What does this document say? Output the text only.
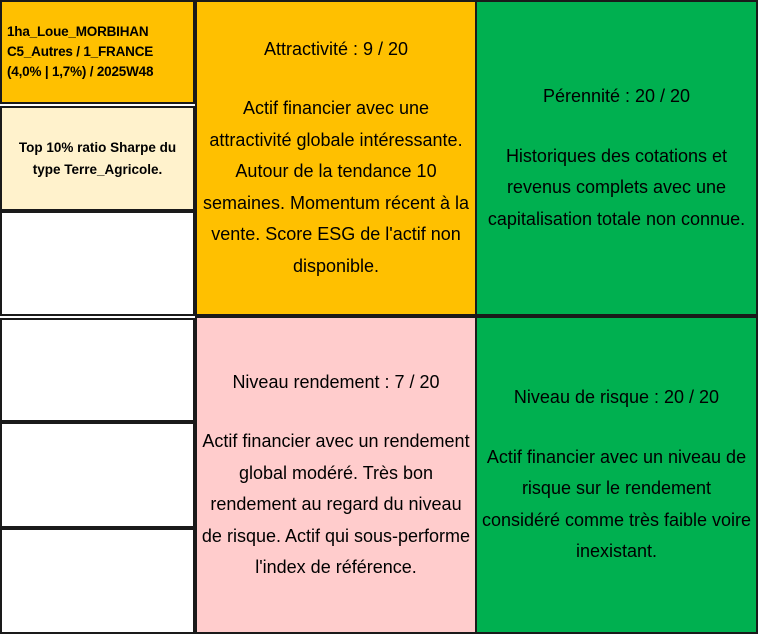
1ha_Loue_MORBIHAN
C5_Autres / 1_FRANCE
(4,0% | 1,7%) / 2025W48
Top 10% ratio Sharpe du type Terre_Agricole.
Attractivité : 9 / 20
Actif financier avec une attractivité globale intéressante. Autour de la tendance 10 semaines. Momentum récent à la vente. Score ESG de l'actif non disponible.
Pérennité : 20 / 20
Historiques des cotations et revenus complets avec une capitalisation totale non connue.
Niveau rendement : 7 / 20
Actif financier avec un rendement global modéré. Très bon rendement au regard du niveau de risque. Actif qui sous-performe l'index de référence.
Niveau de risque : 20 / 20
Actif financier avec un niveau de risque sur le rendement considéré comme très faible voire inexistant.
